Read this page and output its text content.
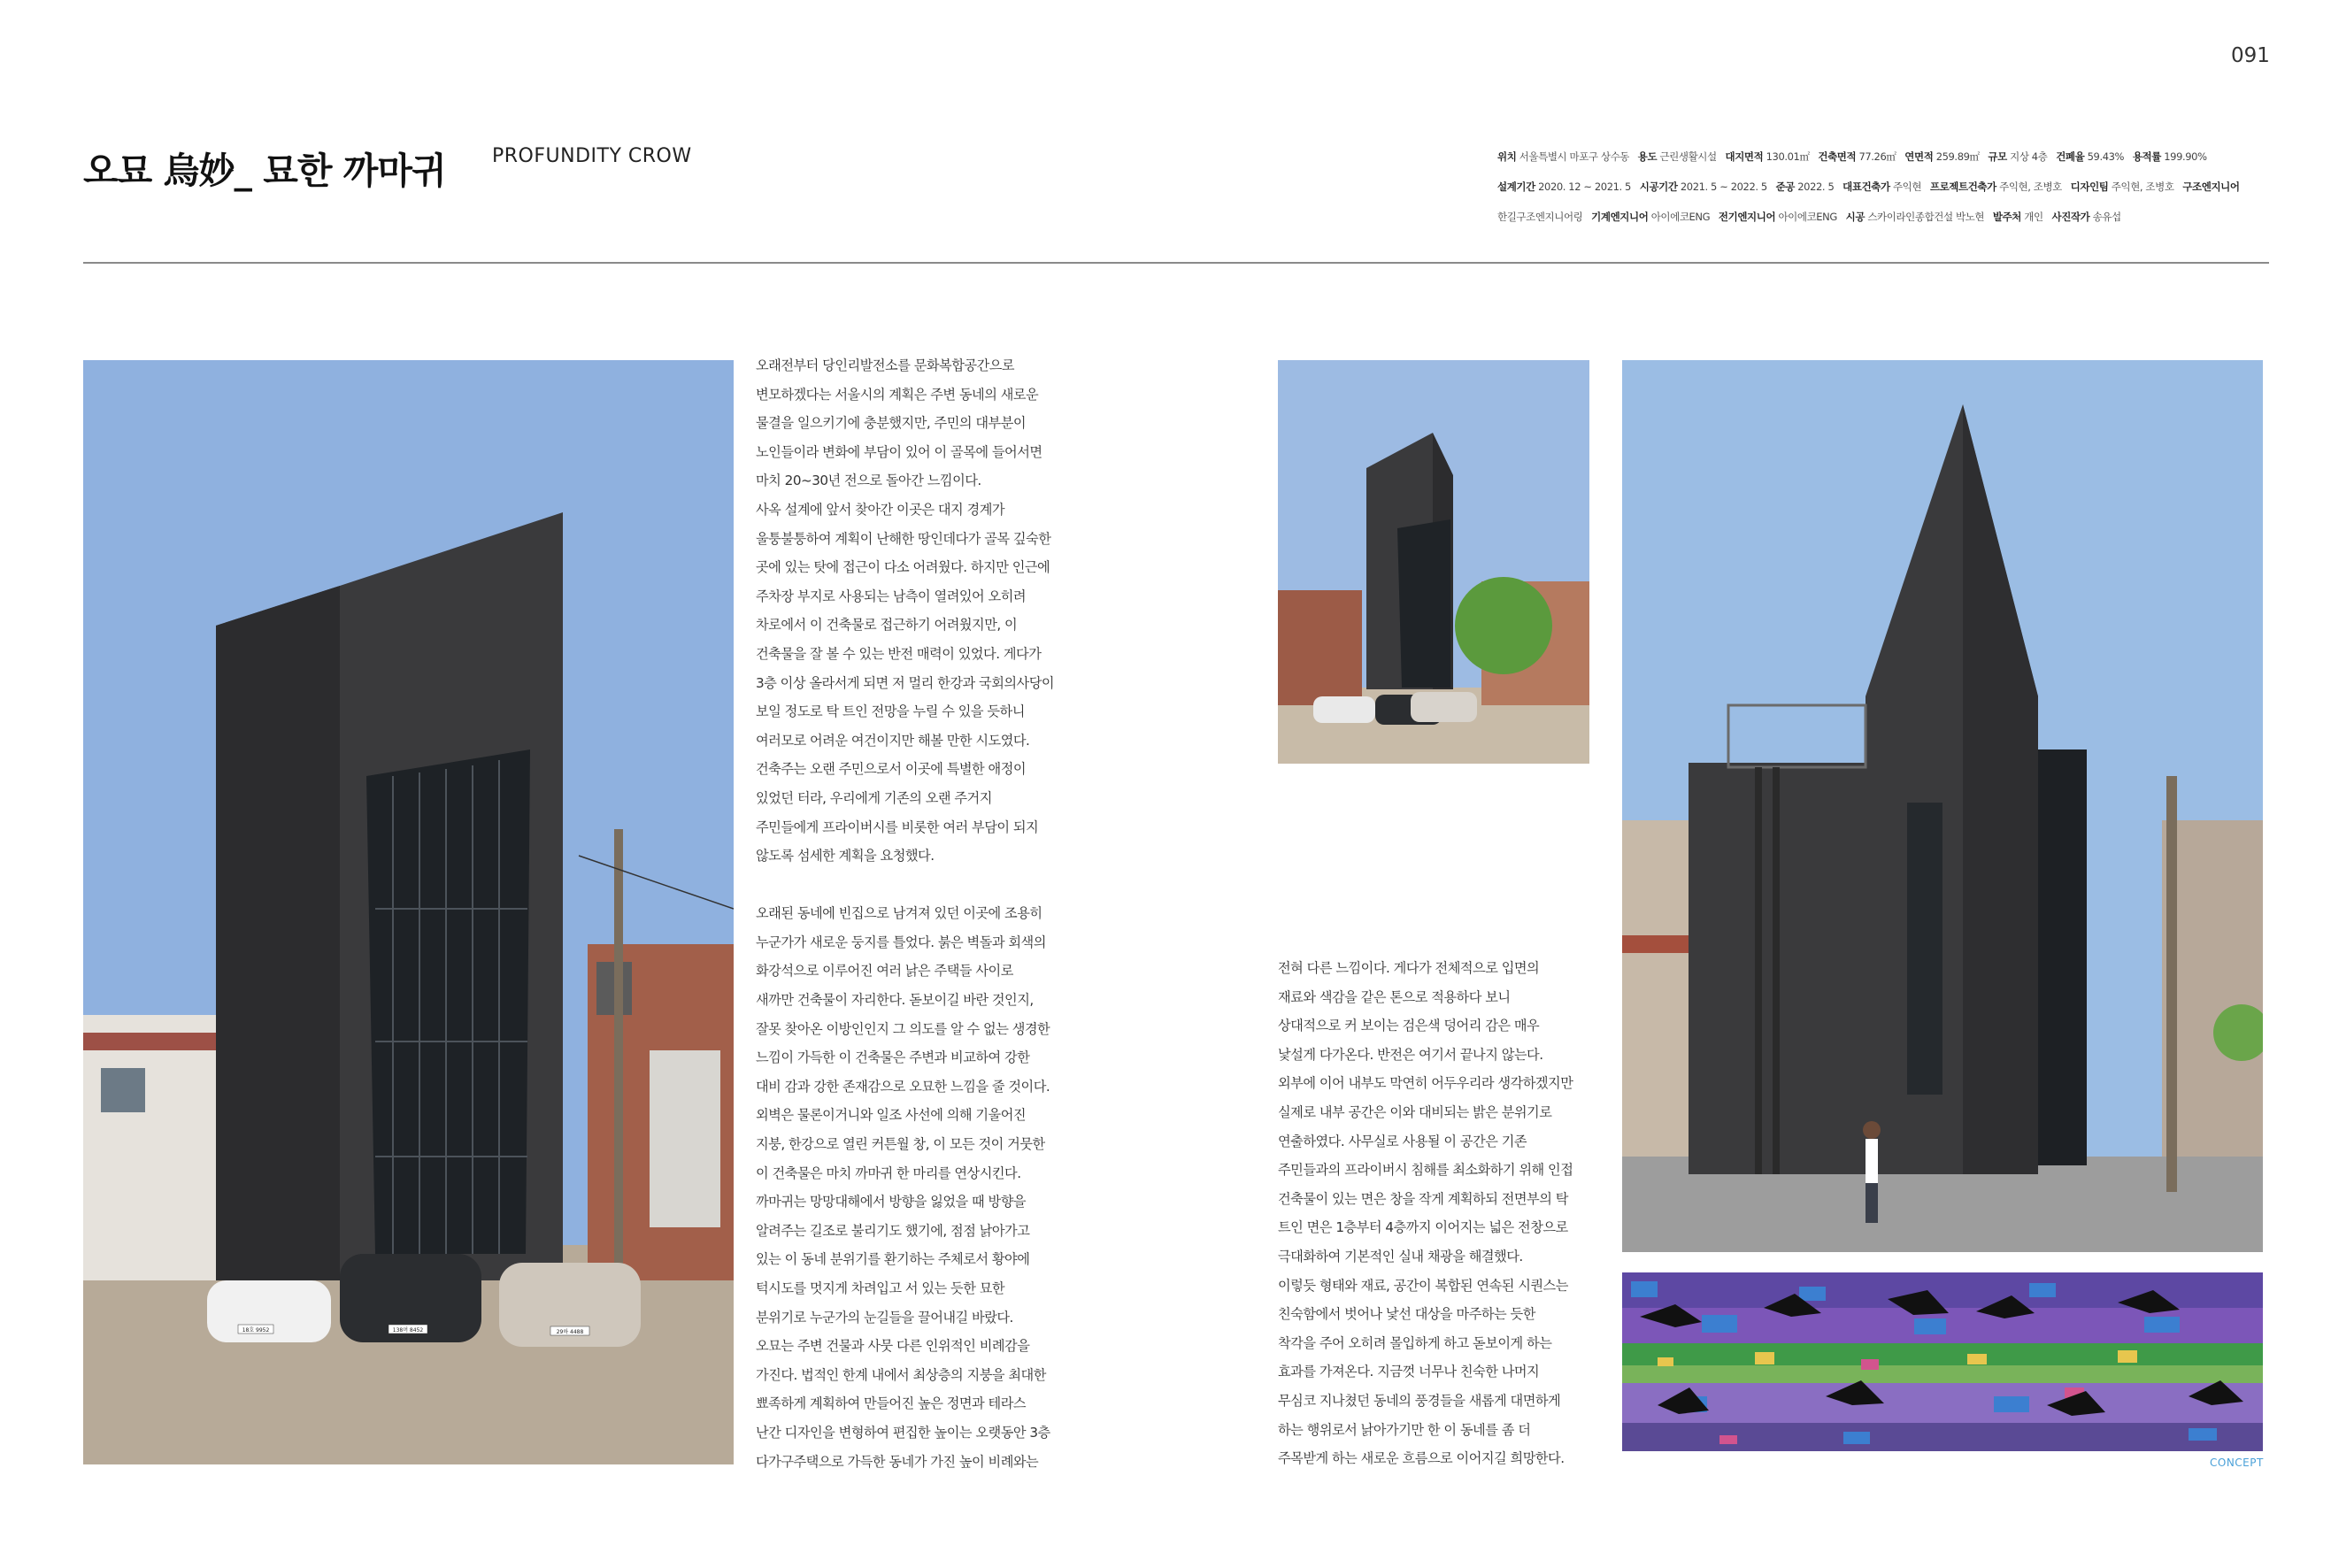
091
오묘 烏妙_ 묘한 까마귀 PROFUNDITY CROW	위치 서울특별시 마포구 상수동 용도 근린생활시설 대지면적 130.01㎡ 건축면적 77.26㎡ 연면적 259.89㎡ 규모 지상 4층 건폐율 59.43% 용적률 199.90%
설계기간 2020. 12 ~ 2021. 5 시공기간 2021. 5 ~ 2022. 5 준공 2022. 5 대표건축가 주익현 프로젝트건축가 주익현, 조병호 디자인팀 주익현, 조병호 구조엔지니어
한길구조엔지니어링 기계엔지니어 아이에코ENG 전기엔지니어 아이에코ENG 시공 스카이라인종합건설 박노현 발주처 개인 사진작가 송유섭
18호 9952	138머 8452	29하 4488
CONCEPT

오래전부터 당인리발전소를 문화복합공간으로

변모하겠다는 서울시의 계획은 주변 동네의 새로운

물결을 일으키기에 충분했지만, 주민의 대부분이

노인들이라 변화에 부담이 있어 이 골목에 들어서면

마치 20~30년 전으로 돌아간 느낌이다.

사옥 설계에 앞서 찾아간 이곳은 대지 경계가

울퉁불퉁하여 계획이 난해한 땅인데다가 골목 깊숙한

곳에 있는 탓에 접근이 다소 어려웠다. 하지만 인근에

주차장 부지로 사용되는 남측이 열려있어 오히려

차로에서 이 건축물로 접근하기 어려웠지만, 이

건축물을 잘 볼 수 있는 반전 매력이 있었다. 게다가

3층 이상 올라서게 되면 저 멀리 한강과 국회의사당이

보일 정도로 탁 트인 전망을 누릴 수 있을 듯하니

여러모로 어려운 여건이지만 해볼 만한 시도였다.

건축주는 오랜 주민으로서 이곳에 특별한 애정이

있었던 터라, 우리에게 기존의 오랜 주거지

주민들에게 프라이버시를 비롯한 여러 부담이 되지

않도록 섬세한 계획을 요청했다.

오래된 동네에 빈집으로 남겨져 있던 이곳에 조용히

누군가가 새로운 둥지를 틀었다. 붉은 벽돌과 회색의

화강석으로 이루어진 여러 낡은 주택들 사이로

새까만 건축물이 자리한다. 돋보이길 바란 것인지,

잘못 찾아온 이방인인지 그 의도를 알 수 없는 생경한

느낌이 가득한 이 건축물은 주변과 비교하여 강한

대비 감과 강한 존재감으로 오묘한 느낌을 줄 것이다.

외벽은 물론이거니와 일조 사선에 의해 기울어진

지붕, 한강으로 열린 커튼월 창, 이 모든 것이 거뭇한

이 건축물은 마치 까마귀 한 마리를 연상시킨다.

까마귀는 망망대해에서 방향을 잃었을 때 방향을

알려주는 길조로 불리기도 했기에, 점점 낡아가고

있는 이 동네 분위기를 환기하는 주체로서 황야에

턱시도를 멋지게 차려입고 서 있는 듯한 묘한

분위기로 누군가의 눈길들을 끌어내길 바랐다.

오묘는 주변 건물과 사뭇 다른 인위적인 비례감을

가진다. 법적인 한계 내에서 최상층의 지붕을 최대한

뾰족하게 계획하여 만들어진 높은 정면과 테라스

난간 디자인을 변형하여 편집한 높이는 오랫동안 3층

다가구주택으로 가득한 동네가 가진 높이 비례와는

전혀 다른 느낌이다. 게다가 전체적으로 입면의

재료와 색감을 같은 톤으로 적용하다 보니

상대적으로 커 보이는 검은색 덩어리 감은 매우

낯설게 다가온다. 반전은 여기서 끝나지 않는다.

외부에 이어 내부도 막연히 어두우리라 생각하겠지만

실제로 내부 공간은 이와 대비되는 밝은 분위기로

연출하였다. 사무실로 사용될 이 공간은 기존

주민들과의 프라이버시 침해를 최소화하기 위해 인접

건축물이 있는 면은 창을 작게 계획하되 전면부의 탁

트인 면은 1층부터 4층까지 이어지는 넓은 전창으로

극대화하여 기본적인 실내 채광을 해결했다.

이렇듯 형태와 재료, 공간이 복합된 연속된 시퀀스는

친숙함에서 벗어나 낯선 대상을 마주하는 듯한

착각을 주어 오히려 몰입하게 하고 돋보이게 하는

효과를 가져온다. 지금껏 너무나 친숙한 나머지

무심코 지나쳤던 동네의 풍경들을 새롭게 대면하게

하는 행위로서 낡아가기만 한 이 동네를 좀 더

주목받게 하는 새로운 흐름으로 이어지길 희망한다.
